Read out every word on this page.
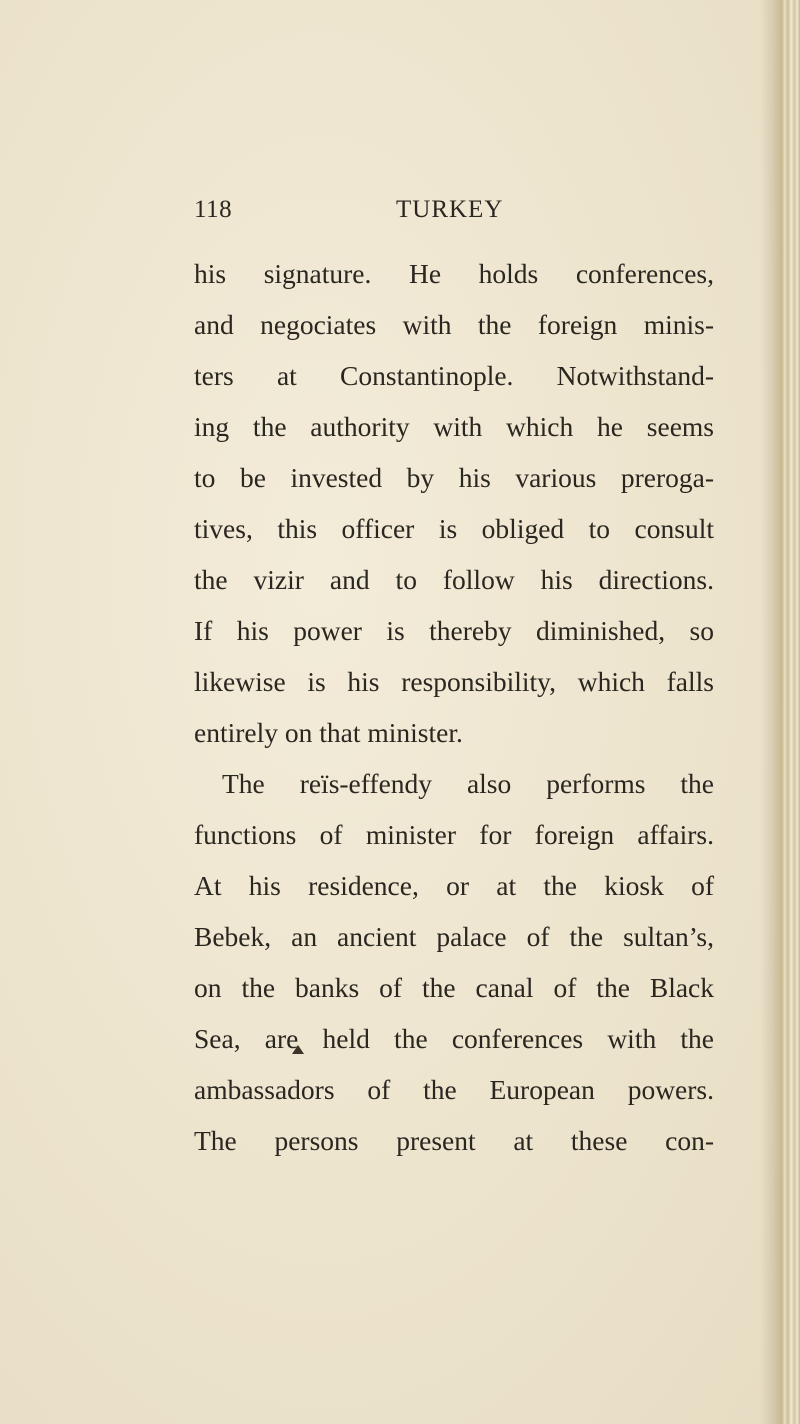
118	TURKEY
his signature. He holds conferences,
and negociates with the foreign minis-
ters at Constantinople. Notwithstand-
ing the authority with which he seems
to be invested by his various preroga-
tives, this officer is obliged to consult
the vizir and to follow his directions.
If his power is thereby diminished, so
likewise is his responsibility, which falls
entirely on that minister.
The reïs-effendy also performs the
functions of minister for foreign affairs.
At his residence, or at the kiosk of
Bebek, an ancient palace of the sultan’s,
on the banks of the canal of the Black
Sea, are held the conferences with the
ambassadors of the European powers.
The persons present at these con-
